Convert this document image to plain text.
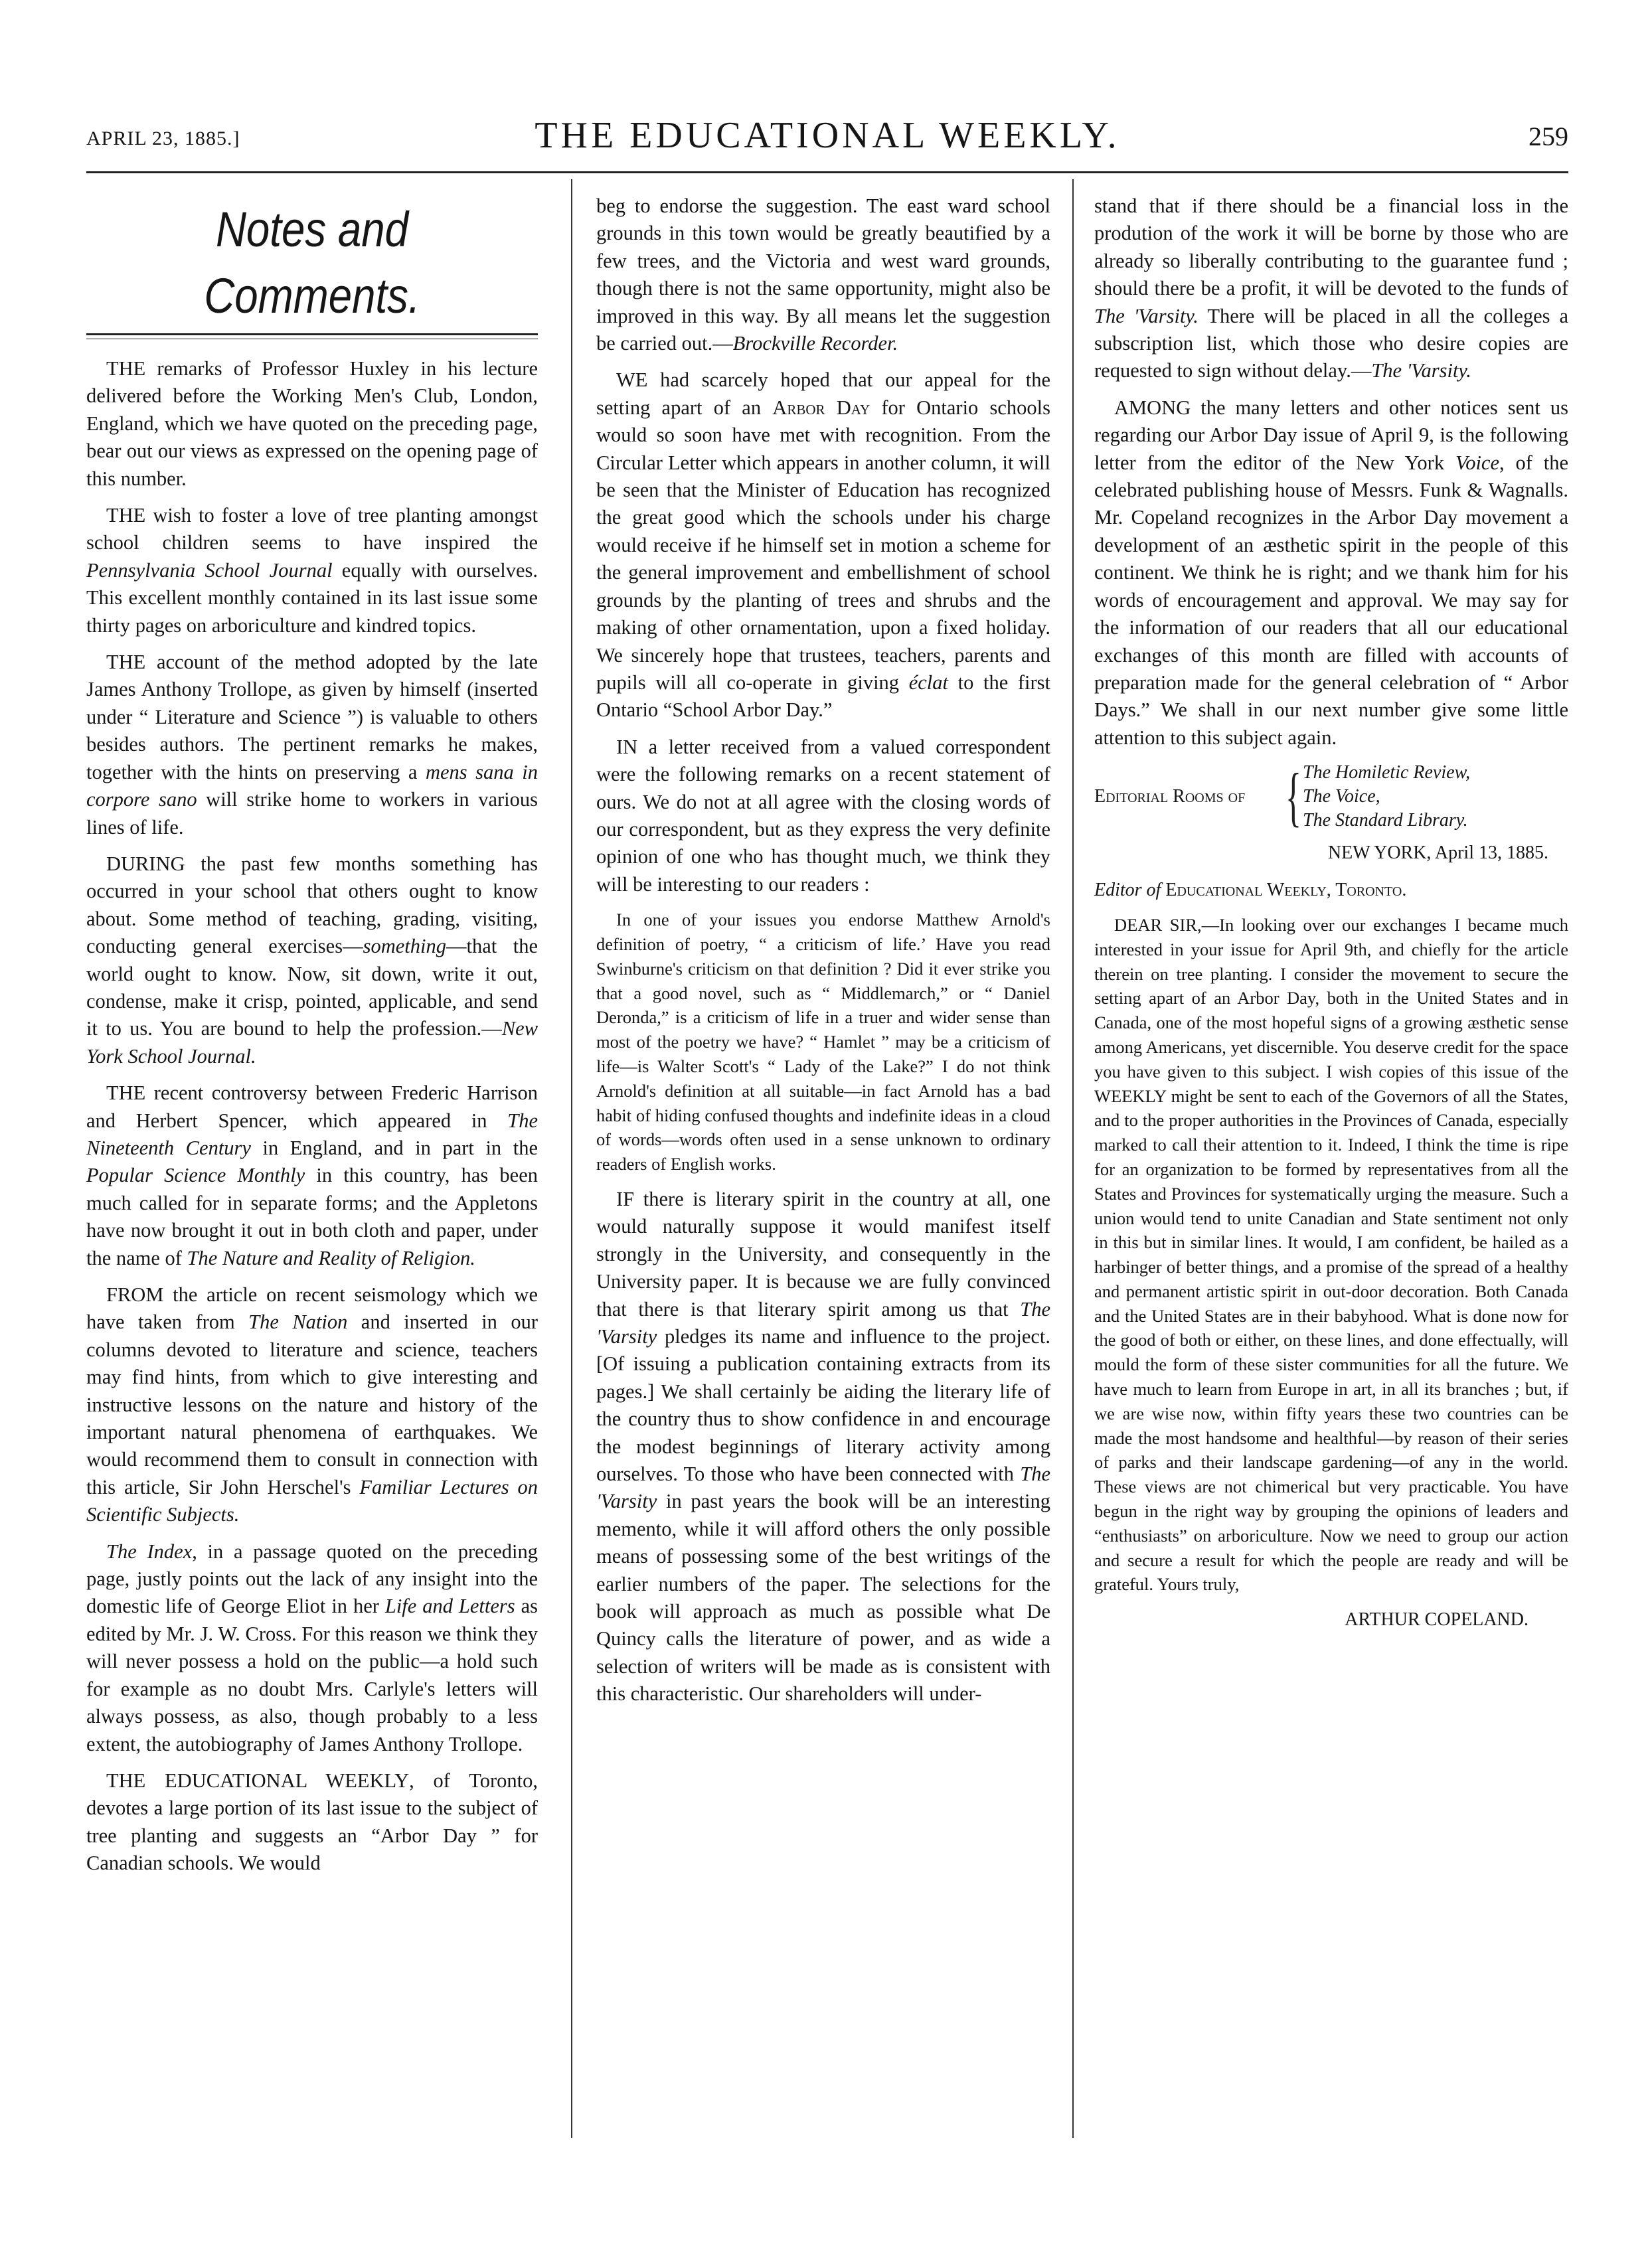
APRIL 23, 1885.]	THE EDUCATIONAL WEEKLY.	259
Notes and Comments.

THE remarks of Professor Huxley in his lecture delivered before the Working Men's Club, London, England, which we have quoted on the preceding page, bear out our views as expressed on the opening page of this number.

THE wish to foster a love of tree planting amongst school children seems to have inspired the Pennsylvania School Journal equally with ourselves. This excellent monthly contained in its last issue some thirty pages on arboriculture and kindred topics.

THE account of the method adopted by the late James Anthony Trollope, as given by himself (inserted under “ Literature and Science ”) is valuable to others besides authors. The pertinent remarks he makes, together with the hints on preserving a mens sana in corpore sano will strike home to workers in various lines of life.

DURING the past few months something has occurred in your school that others ought to know about. Some method of teaching, grading, visiting, conducting general exercises—something—that the world ought to know. Now, sit down, write it out, condense, make it crisp, pointed, applicable, and send it to us. You are bound to help the profession.—New York School Journal.

THE recent controversy between Frederic Harrison and Herbert Spencer, which appeared in The Nineteenth Century in England, and in part in the Popular Science Monthly in this country, has been much called for in separate forms; and the Appletons have now brought it out in both cloth and paper, under the name of The Nature and Reality of Religion.

FROM the article on recent seismology which we have taken from The Nation and inserted in our columns devoted to literature and science, teachers may find hints, from which to give interesting and instructive lessons on the nature and history of the important natural phenomena of earthquakes. We would recommend them to consult in connection with this article, Sir John Herschel's Familiar Lectures on Scientific Subjects.

The Index, in a passage quoted on the preceding page, justly points out the lack of any insight into the domestic life of George Eliot in her Life and Letters as edited by Mr. J. W. Cross. For this reason we think they will never possess a hold on the public—a hold such for example as no doubt Mrs. Carlyle's letters will always possess, as also, though probably to a less extent, the autobiography of James Anthony Trollope.

THE EDUCATIONAL WEEKLY, of Toronto, devotes a large portion of its last issue to the subject of tree planting and suggests an “Arbor Day ” for Canadian schools. We would

beg to endorse the suggestion. The east ward school grounds in this town would be greatly beautified by a few trees, and the Victoria and west ward grounds, though there is not the same opportunity, might also be improved in this way. By all means let the suggestion be carried out.—Brockville Recorder.

WE had scarcely hoped that our appeal for the setting apart of an Arbor Day for Ontario schools would so soon have met with recognition. From the Circular Letter which appears in another column, it will be seen that the Minister of Education has recognized the great good which the schools under his charge would receive if he himself set in motion a scheme for the general improvement and embellishment of school grounds by the planting of trees and shrubs and the making of other ornamentation, upon a fixed holiday. We sincerely hope that trustees, teachers, parents and pupils will all co-operate in giving éclat to the first Ontario “School Arbor Day.”

IN a letter received from a valued correspondent were the following remarks on a recent statement of ours. We do not at all agree with the closing words of our correspondent, but as they express the very definite opinion of one who has thought much, we think they will be interesting to our readers :

In one of your issues you endorse Matthew Arnold's definition of poetry, “ a criticism of life.’ Have you read Swinburne's criticism on that definition ? Did it ever strike you that a good novel, such as “ Middlemarch,” or “ Daniel Deronda,” is a criticism of life in a truer and wider sense than most of the poetry we have? “ Hamlet ” may be a criticism of life—is Walter Scott's “ Lady of the Lake?” I do not think Arnold's definition at all suitable—in fact Arnold has a bad habit of hiding confused thoughts and indefinite ideas in a cloud of words—words often used in a sense unknown to ordinary readers of English works.

IF there is literary spirit in the country at all, one would naturally suppose it would manifest itself strongly in the University, and consequently in the University paper. It is because we are fully convinced that there is that literary spirit among us that The 'Varsity pledges its name and influence to the project. [Of issuing a publication containing extracts from its pages.] We shall certainly be aiding the literary life of the country thus to show confidence in and encourage the modest beginnings of literary activity among ourselves. To those who have been connected with The 'Varsity in past years the book will be an interesting memento, while it will afford others the only possible means of possessing some of the best writings of the earlier numbers of the paper. The selections for the book will approach as much as possible what De Quincy calls the literature of power, and as wide a selection of writers will be made as is consistent with this characteristic. Our shareholders will under-

stand that if there should be a financial loss in the prodution of the work it will be borne by those who are already so liberally contributing to the guarantee fund ; should there be a profit, it will be devoted to the funds of The 'Varsity. There will be placed in all the colleges a subscription list, which those who desire copies are requested to sign without delay.—The 'Varsity.

AMONG the many letters and other notices sent us regarding our Arbor Day issue of April 9, is the following letter from the editor of the New York Voice, of the celebrated publishing house of Messrs. Funk & Wagnalls. Mr. Copeland recognizes in the Arbor Day movement a development of an æsthetic spirit in the people of this continent. We think he is right; and we thank him for his words of encouragement and approval. We may say for the information of our readers that all our educational exchanges of this month are filled with accounts of preparation made for the general celebration of “ Arbor Days.” We shall in our next number give some little attention to this subject again.

Editorial Rooms of { The Homiletic Review,
The Voice,
The Standard Library.

NEW YORK, April 13, 1885.

Editor of Educational Weekly, Toronto.

DEAR SIR,—In looking over our exchanges I became much interested in your issue for April 9th, and chiefly for the article therein on tree planting. I consider the movement to secure the setting apart of an Arbor Day, both in the United States and in Canada, one of the most hopeful signs of a growing æsthetic sense among Americans, yet discernible. You deserve credit for the space you have given to this subject. I wish copies of this issue of the WEEKLY might be sent to each of the Governors of all the States, and to the proper authorities in the Provinces of Canada, especially marked to call their attention to it. Indeed, I think the time is ripe for an organization to be formed by representatives from all the States and Provinces for systematically urging the measure. Such a union would tend to unite Canadian and State sentiment not only in this but in similar lines. It would, I am confident, be hailed as a harbinger of better things, and a promise of the spread of a healthy and permanent artistic spirit in out-door decoration. Both Canada and the United States are in their babyhood. What is done now for the good of both or either, on these lines, and done effectually, will mould the form of these sister communities for all the future. We have much to learn from Europe in art, in all its branches ; but, if we are wise now, within fifty years these two countries can be made the most handsome and healthful—by reason of their series of parks and their landscape gardening—of any in the world. These views are not chimerical but very practicable. You have begun in the right way by grouping the opinions of leaders and “enthusiasts” on arboriculture. Now we need to group our action and secure a result for which the people are ready and will be grateful. Yours truly,

ARTHUR COPELAND.
